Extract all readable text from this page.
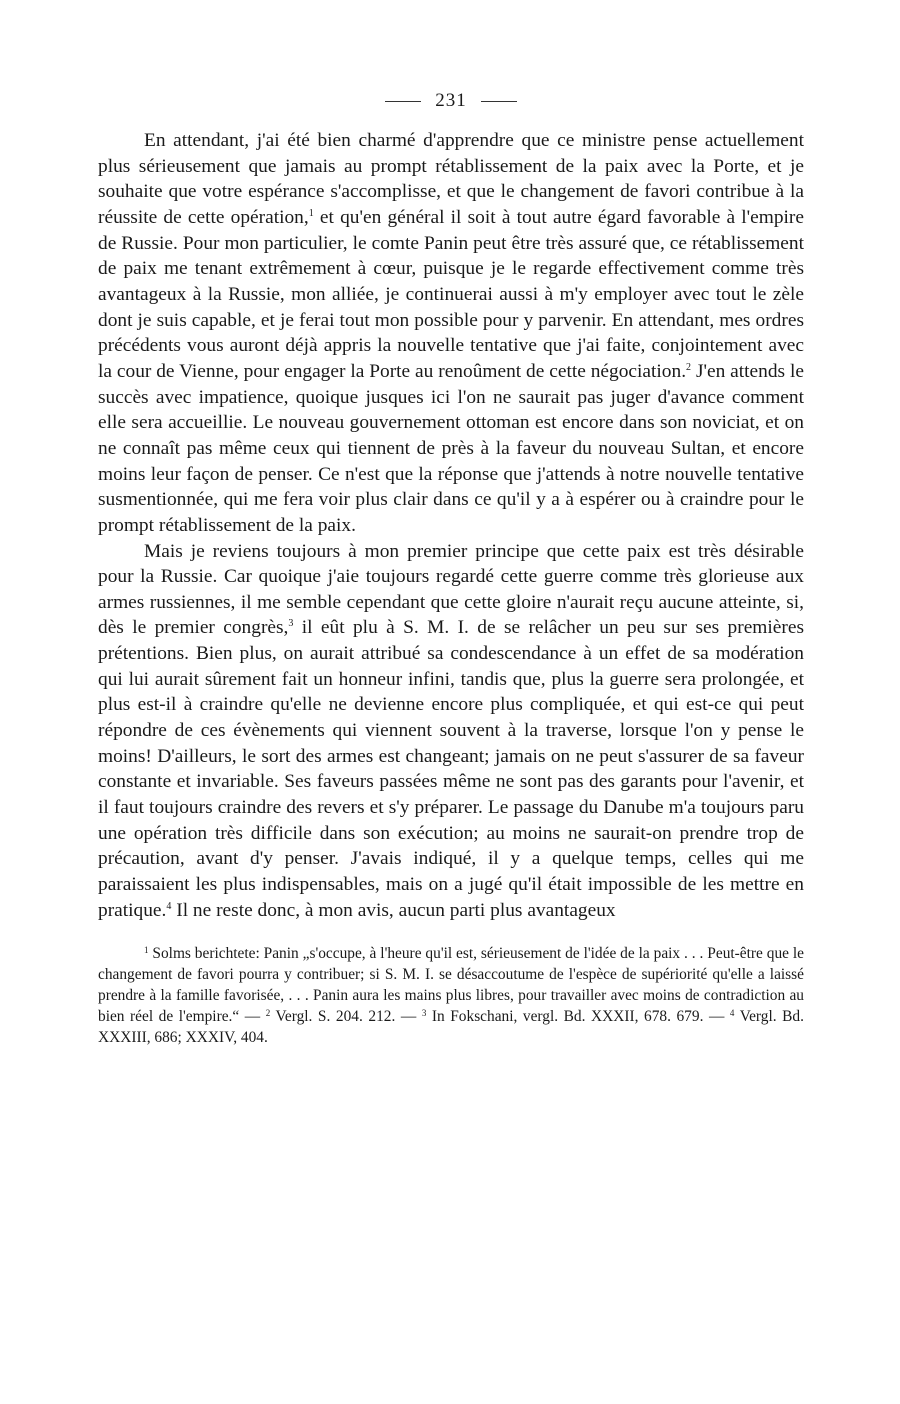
231

En attendant, j'ai été bien charmé d'apprendre que ce ministre pense actuellement plus sérieusement que jamais au prompt rétablissement de la paix avec la Porte, et je souhaite que votre espérance s'accomplisse, et que le changement de favori contribue à la réussite de cette opération,$^1$ et qu'en général il soit à tout autre égard favorable à l'empire de Russie. Pour mon particulier, le comte Panin peut être très assuré que, ce rétablissement de paix me tenant extrêmement à cœur, puisque je le regarde effectivement comme très avantageux à la Russie, mon alliée, je continuerai aussi à m'y employer avec tout le zèle dont je suis capable, et je ferai tout mon possible pour y parvenir. En attendant, mes ordres précédents vous auront déjà appris la nouvelle tentative que j'ai faite, conjointement avec la cour de Vienne, pour engager la Porte au renoûment de cette négociation.$^2$ J'en attends le succès avec impatience, quoique jusques ici l'on ne saurait pas juger d'avance comment elle sera accueillie. Le nouveau gouvernement ottoman est encore dans son noviciat, et on ne connaît pas même ceux qui tiennent de près à la faveur du nouveau Sultan, et encore moins leur façon de penser. Ce n'est que la réponse que j'attends à notre nouvelle tentative susmentionnée, qui me fera voir plus clair dans ce qu'il y a à espérer ou à craindre pour le prompt rétablissement de la paix.

Mais je reviens toujours à mon premier principe que cette paix est très désirable pour la Russie. Car quoique j'aie toujours regardé cette guerre comme très glorieuse aux armes russiennes, il me semble cependant que cette gloire n'aurait reçu aucune atteinte, si, dès le premier congrès,$^3$ il eût plu à S. M. I. de se relâcher un peu sur ses premières prétentions. Bien plus, on aurait attribué sa condescendance à un effet de sa modération qui lui aurait sûrement fait un honneur infini, tandis que, plus la guerre sera prolongée, et plus est-il à craindre qu'elle ne devienne encore plus compliquée, et qui est-ce qui peut répondre de ces évènements qui viennent souvent à la traverse, lorsque l'on y pense le moins! D'ailleurs, le sort des armes est changeant; jamais on ne peut s'assurer de sa faveur constante et invariable. Ses faveurs passées même ne sont pas des garants pour l'avenir, et il faut toujours craindre des revers et s'y préparer. Le passage du Danube m'a toujours paru une opération très difficile dans son exécution; au moins ne saurait-on prendre trop de précaution, avant d'y penser. J'avais indiqué, il y a quelque temps, celles qui me paraissaient les plus indispensables, mais on a jugé qu'il était impossible de les mettre en pratique.$^4$ Il ne reste donc, à mon avis, aucun parti plus avantageux

$^1$ Solms berichtete: Panin „s'occupe, à l'heure qu'il est, sérieusement de l'idée de la paix . . . Peut-être que le changement de favori pourra y contribuer; si S. M. I. se désaccoutume de l'espèce de supériorité qu'elle a laissé prendre à la famille favorisée, . . . Panin aura les mains plus libres, pour travailler avec moins de contradiction au bien réel de l'empire.“ — $^2$ Vergl. S. 204. 212. — $^3$ In Fokschani, vergl. Bd. XXXII, 678. 679. — $^4$ Vergl. Bd. XXXIII, 686; XXXIV, 404.
